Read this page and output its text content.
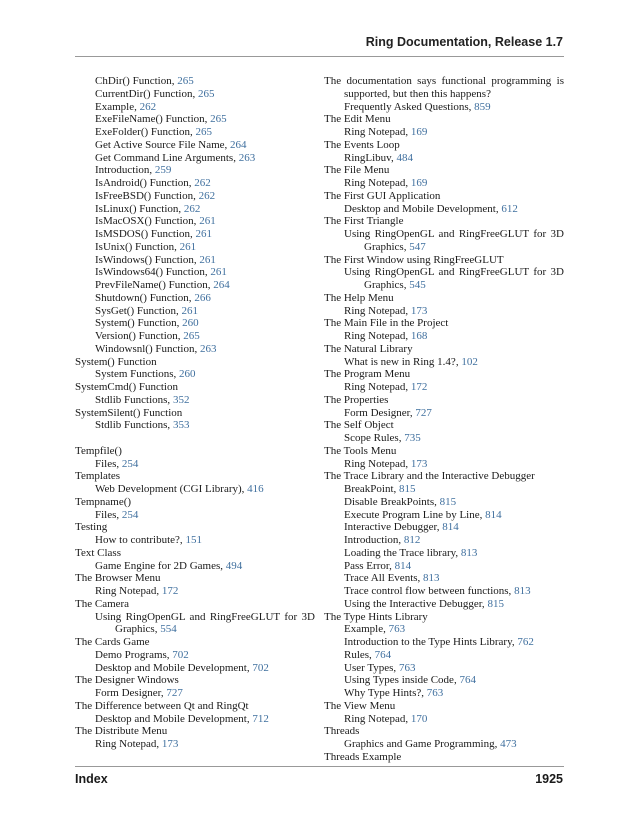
Ring Documentation, Release 1.7
ChDir() Function, 265
CurrentDir() Function, 265
Example, 262
ExeFileName() Function, 265
ExeFolder() Function, 265
Get Active Source File Name, 264
Get Command Line Arguments, 263
Introduction, 259
IsAndroid() Function, 262
IsFreeBSD() Function, 262
IsLinux() Function, 262
IsMacOSX() Function, 261
IsMSDOS() Function, 261
IsUnix() Function, 261
IsWindows() Function, 261
IsWindows64() Function, 261
PrevFileName() Function, 264
Shutdown() Function, 266
SysGet() Function, 261
System() Function, 260
Version() Function, 265
Windowsnl() Function, 263
System() Function
System Functions, 260
SystemCmd() Function
Stdlib Functions, 352
SystemSilent() Function
Stdlib Functions, 353
Tempfile()
Files, 254
Templates
Web Development (CGI Library), 416
Tempname()
Files, 254
Testing
How to contribute?, 151
Text Class
Game Engine for 2D Games, 494
The Browser Menu
Ring Notepad, 172
The Camera
Using RingOpenGL and RingFreeGLUT for 3D Graphics, 554
The Cards Game
Demo Programs, 702
Desktop and Mobile Development, 702
The Designer Windows
Form Designer, 727
The Difference between Qt and RingQt
Desktop and Mobile Development, 712
The Distribute Menu
Ring Notepad, 173
The documentation says functional programming is supported, but then this happens?
Frequently Asked Questions, 859
The Edit Menu
Ring Notepad, 169
The Events Loop
RingLibuv, 484
The File Menu
Ring Notepad, 169
The First GUI Application
Desktop and Mobile Development, 612
The First Triangle
Using RingOpenGL and RingFreeGLUT for 3D Graphics, 547
The First Window using RingFreeGLUT
Using RingOpenGL and RingFreeGLUT for 3D Graphics, 545
The Help Menu
Ring Notepad, 173
The Main File in the Project
Ring Notepad, 168
The Natural Library
What is new in Ring 1.4?, 102
The Program Menu
Ring Notepad, 172
The Properties
Form Designer, 727
The Self Object
Scope Rules, 735
The Tools Menu
Ring Notepad, 173
The Trace Library and the Interactive Debugger
BreakPoint, 815
Disable BreakPoints, 815
Execute Program Line by Line, 814
Interactive Debugger, 814
Introduction, 812
Loading the Trace library, 813
Pass Error, 814
Trace All Events, 813
Trace control flow between functions, 813
Using the Interactive Debugger, 815
The Type Hints Library
Example, 763
Introduction to the Type Hints Library, 762
Rules, 764
User Types, 763
Using Types inside Code, 764
Why Type Hints?, 763
The View Menu
Ring Notepad, 170
Threads
Graphics and Game Programming, 473
Threads Example
Index	1925
